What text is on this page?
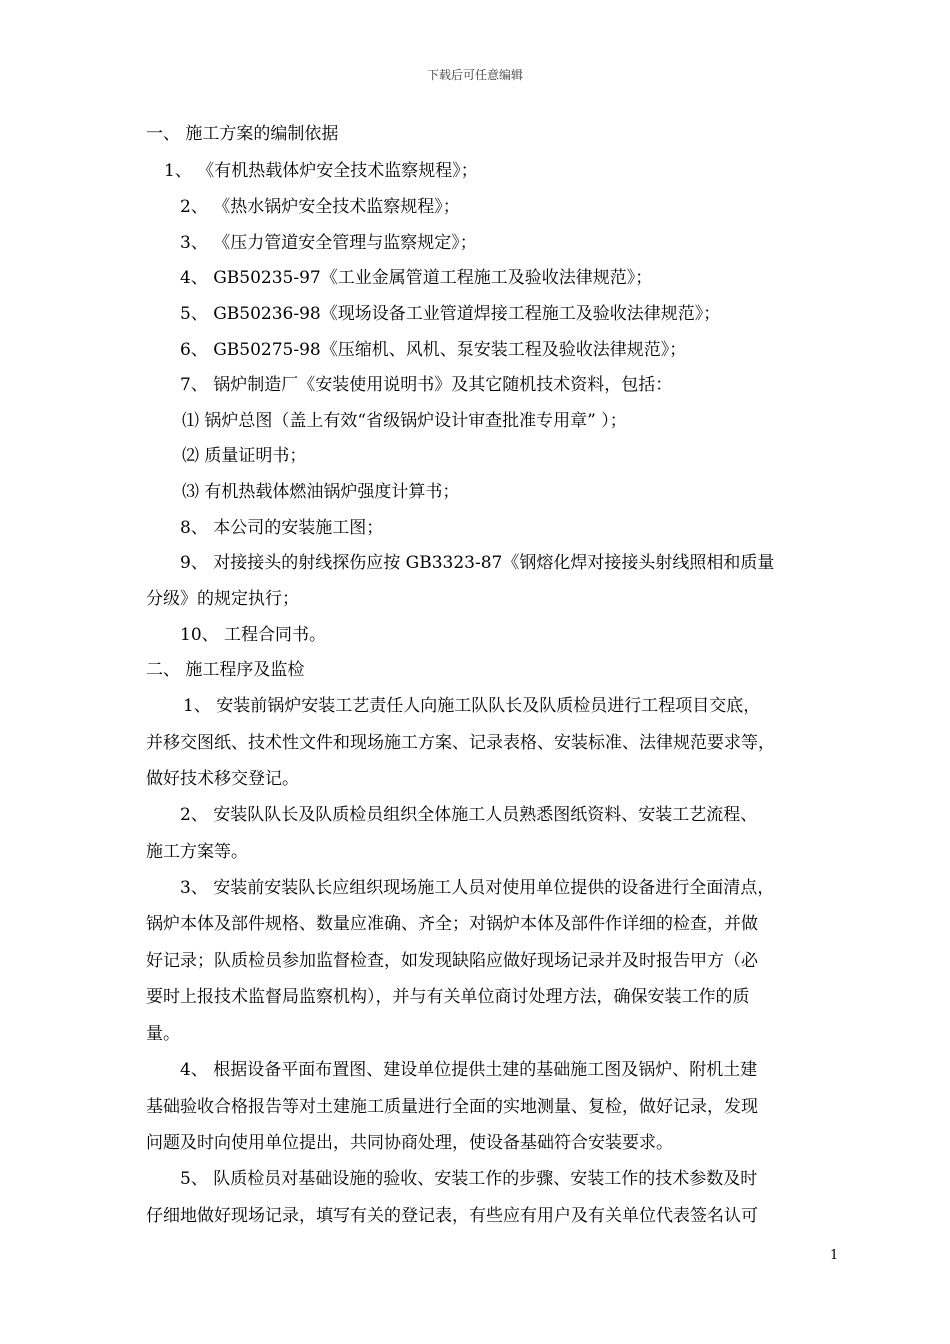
下载后可任意编辑
一、 施工方案的编制依据
1、 《有机热载体炉安全技术监察规程》；
2、 《热水锅炉安全技术监察规程》；
3、 《压力管道安全管理与监察规定》；
4、 GB50235-97《工业金属管道工程施工及验收法律规范》；
5、 GB50236-98《现场设备工业管道焊接工程施工及验收法律规范》；
6、 GB50275-98《压缩机、风机、泵安装工程及验收法律规范》；
7、 锅炉制造厂《安装使用说明书》及其它随机技术资料，包括：
⑴ 锅炉总图（盖上有效“省级锅炉设计审查批准专用章” ）；
⑵ 质量证明书；
⑶ 有机热载体燃油锅炉强度计算书；
8、 本公司的安装施工图；
9、 对接接头的射线探伤应按 GB3323-87《钢熔化焊对接接头射线照相和质量
分级》的规定执行；
10、 工程合同书。
二、 施工程序及监检
1、 安装前锅炉安装工艺责任人向施工队队长及队质检员进行工程项目交底，
并移交图纸、技术性文件和现场施工方案、记录表格、安装标准、法律规范要求等，
做好技术移交登记。
2、 安装队队长及队质检员组织全体施工人员熟悉图纸资料、安装工艺流程、
施工方案等。
3、 安装前安装队长应组织现场施工人员对使用单位提供的设备进行全面清点，
锅炉本体及部件规格、数量应准确、齐全；对锅炉本体及部件作详细的检查，并做
好记录；队质检员参加监督检查，如发现缺陷应做好现场记录并及时报告甲方（必
要时上报技术监督局监察机构），并与有关单位商讨处理方法，确保安装工作的质
量。
4、 根据设备平面布置图、建设单位提供土建的基础施工图及锅炉、附机土建
基础验收合格报告等对土建施工质量进行全面的实地测量、复检，做好记录，发现
问题及时向使用单位提出，共同协商处理，使设备基础符合安装要求。
5、 队质检员对基础设施的验收、安装工作的步骤、安装工作的技术参数及时
仔细地做好现场记录，填写有关的登记表，有些应有用户及有关单位代表签名认可
1
